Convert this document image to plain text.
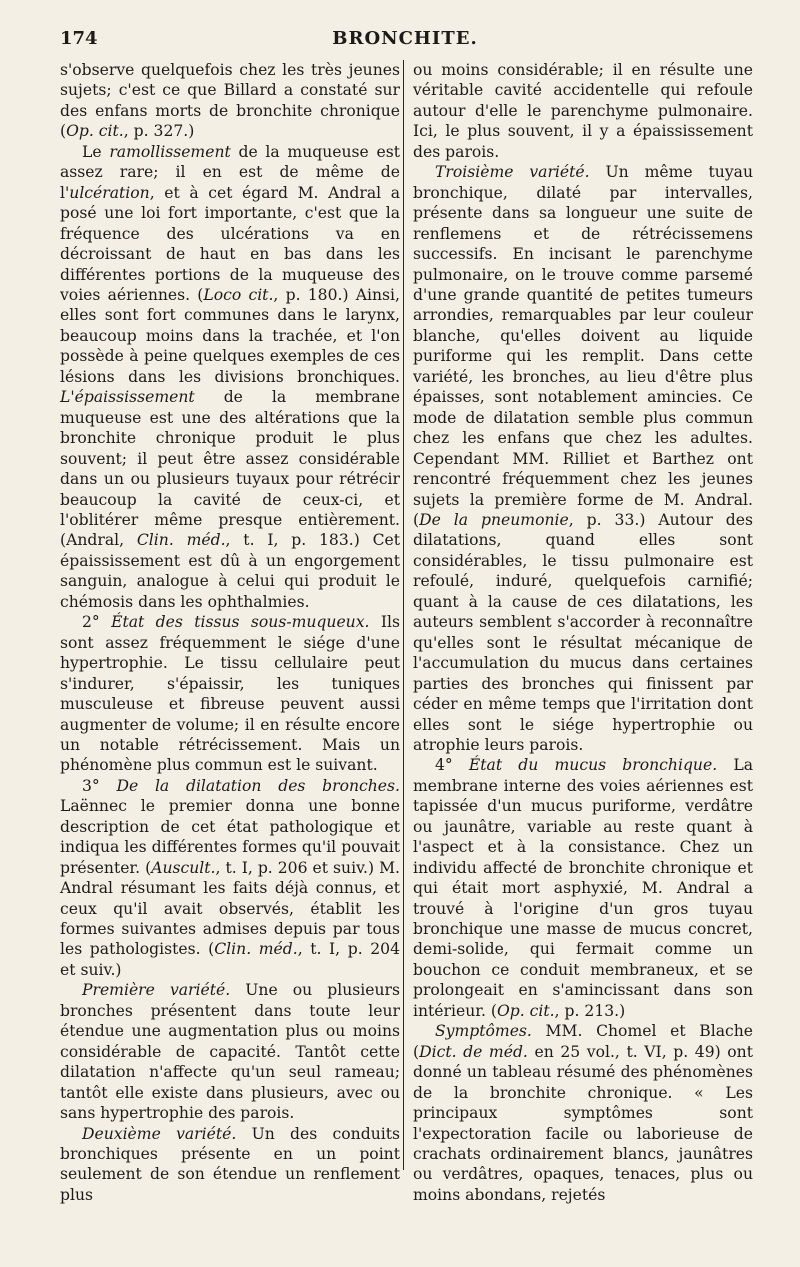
174	BRONCHITE.

s'observe quelquefois chez les très jeunes sujets; c'est ce que Billard a constaté sur des enfans morts de bronchite chronique (Op. cit., p. 327.)

Le ramollissement de la muqueuse est assez rare; il en est de même de l'ulcération, et à cet égard M. Andral a posé une loi fort importante, c'est que la fréquence des ulcérations va en décroissant de haut en bas dans les différentes portions de la muqueuse des voies aériennes. (Loco cit., p. 180.) Ainsi, elles sont fort communes dans le larynx, beaucoup moins dans la trachée, et l'on possède à peine quelques exemples de ces lésions dans les divisions bronchiques. L'épaississement de la membrane muqueuse est une des altérations que la bronchite chronique produit le plus souvent; il peut être assez considérable dans un ou plusieurs tuyaux pour rétrécir beaucoup la cavité de ceux-ci, et l'oblitérer même presque entièrement. (Andral, Clin. méd., t. I, p. 183.) Cet épaississement est dû à un engorgement sanguin, analogue à celui qui produit le chémosis dans les ophthalmies.

2° État des tissus sous-muqueux. Ils sont assez fréquemment le siége d'une hypertrophie. Le tissu cellulaire peut s'indurer, s'épaissir, les tuniques musculeuse et fibreuse peuvent aussi augmenter de volume; il en résulte encore un notable rétrécissement. Mais un phénomène plus commun est le suivant.

3° De la dilatation des bronches. Laënnec le premier donna une bonne description de cet état pathologique et indiqua les différentes formes qu'il pouvait présenter. (Auscult., t. I, p. 206 et suiv.) M. Andral résumant les faits déjà connus, et ceux qu'il avait observés, établit les formes suivantes admises depuis par tous les pathologistes. (Clin. méd., t. I, p. 204 et suiv.)

Première variété. Une ou plusieurs bronches présentent dans toute leur étendue une augmentation plus ou moins considérable de capacité. Tantôt cette dilatation n'affecte qu'un seul rameau; tantôt elle existe dans plusieurs, avec ou sans hypertrophie des parois.

Deuxième variété. Un des conduits bronchiques présente en un point seulement de son étendue un renflement plus

ou moins considérable; il en résulte une véritable cavité accidentelle qui refoule autour d'elle le parenchyme pulmonaire. Ici, le plus souvent, il y a épaississement des parois.

Troisième variété. Un même tuyau bronchique, dilaté par intervalles, présente dans sa longueur une suite de renflemens et de rétrécissemens successifs. En incisant le parenchyme pulmonaire, on le trouve comme parsemé d'une grande quantité de petites tumeurs arrondies, remarquables par leur couleur blanche, qu'elles doivent au liquide puriforme qui les remplit. Dans cette variété, les bronches, au lieu d'être plus épaisses, sont notablement amincies. Ce mode de dilatation semble plus commun chez les enfans que chez les adultes. Cependant MM. Rilliet et Barthez ont rencontré fréquemment chez les jeunes sujets la première forme de M. Andral. (De la pneumonie, p. 33.) Autour des dilatations, quand elles sont considérables, le tissu pulmonaire est refoulé, induré, quelquefois carnifié; quant à la cause de ces dilatations, les auteurs semblent s'accorder à reconnaître qu'elles sont le résultat mécanique de l'accumulation du mucus dans certaines parties des bronches qui finissent par céder en même temps que l'irritation dont elles sont le siége hypertrophie ou atrophie leurs parois.

4° État du mucus bronchique. La membrane interne des voies aériennes est tapissée d'un mucus puriforme, verdâtre ou jaunâtre, variable au reste quant à l'aspect et à la consistance. Chez un individu affecté de bronchite chronique et qui était mort asphyxié, M. Andral a trouvé à l'origine d'un gros tuyau bronchique une masse de mucus concret, demi-solide, qui fermait comme un bouchon ce conduit membraneux, et se prolongeait en s'amincissant dans son intérieur. (Op. cit., p. 213.)

Symptômes. MM. Chomel et Blache (Dict. de méd. en 25 vol., t. VI, p. 49) ont donné un tableau résumé des phénomènes de la bronchite chronique. « Les principaux symptômes sont l'expectoration facile ou laborieuse de crachats ordinairement blancs, jaunâtres ou verdâtres, opaques, tenaces, plus ou moins abondans, rejetés
